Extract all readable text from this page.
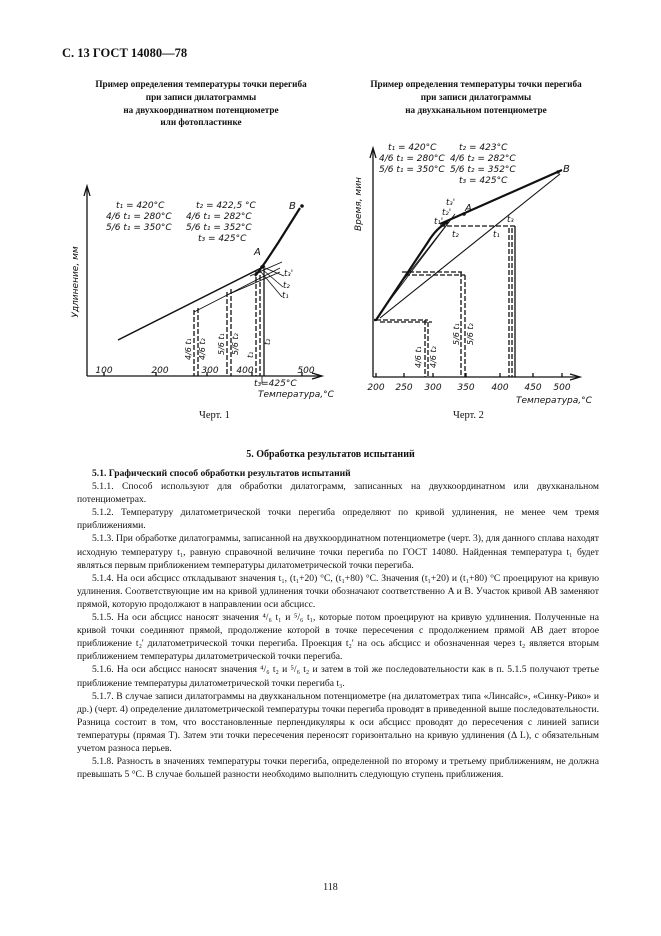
С. 13 ГОСТ 14080—78
Пример определения температуры точки перегиба
при записи дилатограммы
на двухкоординатном потенциометре
или фотопластинке
Пример определения температуры точки перегиба
при записи дилатограммы
на двухканальном потенциометре
Удлинение, мм
Температура,°С
100	200	300 400	500
t₃=425°C
A
B
t₁ = 420°C
4/6 t₁ = 280°C
5/6 t₁ = 350°C
t₂ = 422,5 °C
4/6 t₁ = 282°C
5/6 t₁ = 352°C
t₃ = 425°C
t₃'
t₂
t₁
4/6 t₁ 4/6 t₂ 5/6 t₁ 5/6 t₂ t₁
t₂
Время, мин
Температура,°С
200 250 300 350 400 450 500
A
B
t₁ = 420°C
4/6 t₁ = 280°C
5/6 t₁ = 350°C
t₂ = 423°C
4/6 t₂ = 282°C
5/6 t₂ = 352°C
t₃ = 425°C
t₁'
t₂'
t₃'
t₂	t₁
t₃
4/6 t₁ 4/6 t₂
5/6 t₁ 5/6 t₂
Черт. 1	Черт. 2
5. Обработка результатов испытаний

5.1. Графический способ обработки результатов испытаний

5.1.1. Способ используют для обработки дилатограмм, записанных на двухкоординатном или двухканальном потенциометрах.

5.1.2. Температуру дилатометрической точки перегиба определяют по кривой удлинения, не менее чем тремя приближениями.

5.1.3. При обработке дилатограммы, записанной на двухкоординатном потенциометре (черт. 3), для данного сплава находят исходную температуру t₁, равную справочной величине точки перегиба по ГОСТ 14080. Найденная температура t₁ будет являться первым приближением температуры дилатометрической точки перегиба.

5.1.4. На оси абсцисс откладывают значения t₁, (t₁+20) °С, (t₁+80) °С. Значения (t₁+20) и (t₁+80) °С проецируют на кривую удлинения. Соответствующие им на кривой удлинения точки обозначают соответственно A и B. Участок кривой AB заменяют прямой, которую продолжают в направлении оси абсцисс.

5.1.5. На оси абсцисс наносят значения ⁴/₆ t₁ и ⁵/₆ t₁, которые потом проецируют на кривую удлинения. Полученные на кривой точки соединяют прямой, продолжение которой в точке пересечения с продолжением прямой AB дает второе приближение t₂' дилатометрической точки перегиба. Проекция t₂' на ось абсцисс и обозначенная через t₂ является вторым приближением температуры дилатометрической точки перегиба.

5.1.6. На оси абсцисс наносят значения ⁴/₆ t₂ и ⁵/₆ t₂ и затем в той же последовательности как в п. 5.1.5 получают третье приближение температуры дилатометрической точки перегиба t₃.

5.1.7. В случае записи дилатограммы на двухканальном потенциометре (на дилатометрах типа «Линсайс», «Синку-Рико» и др.) (черт. 4) определение дилатометрической температуры точки перегиба проводят в приведенной выше последовательности. Разница состоит в том, что восстановленные перпендикуляры к оси абсцисс проводят до пересечения с линией записи температуры (прямая T). Затем эти точки пересечения переносят горизонтально на кривую удлинения (Δ L), с обязательным учетом разноса перьев.

5.1.8. Разность в значениях температуры точки перегиба, определенной по второму и третьему приближениям, не должна превышать 5 °С. В случае большей разности необходимо выполнить следующую ступень приближения.

118
